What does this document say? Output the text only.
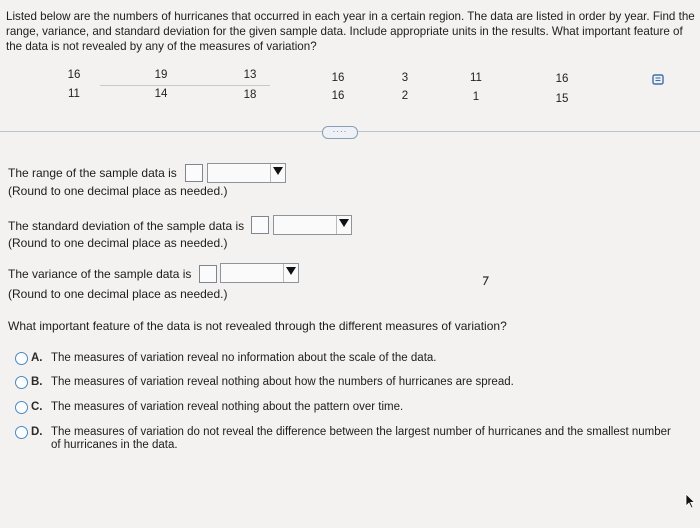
Listed below are the numbers of hurricanes that occurred in each year in a certain region. The data are listed in order by year. Find the range, variance, and standard deviation for the given sample data. Include appropriate units in the results. What important feature of the data is not revealed by any of the measures of variation?
16	19	13	16	3	11	16
11	14	18	16	2	1	15
····
The range of the sample data is
(Round to one decimal place as needed.)
The standard deviation of the sample data is
(Round to one decimal place as needed.)
The variance of the sample data is
(Round to one decimal place as needed.)
What important feature of the data is not revealed through the different measures of variation?
A. The measures of variation reveal no information about the scale of the data.
B. The measures of variation reveal nothing about how the numbers of hurricanes are spread.
C. The measures of variation reveal nothing about the pattern over time.
D. The measures of variation do not reveal the difference between the largest number of hurricanes and the smallest number of hurricanes in the data.
